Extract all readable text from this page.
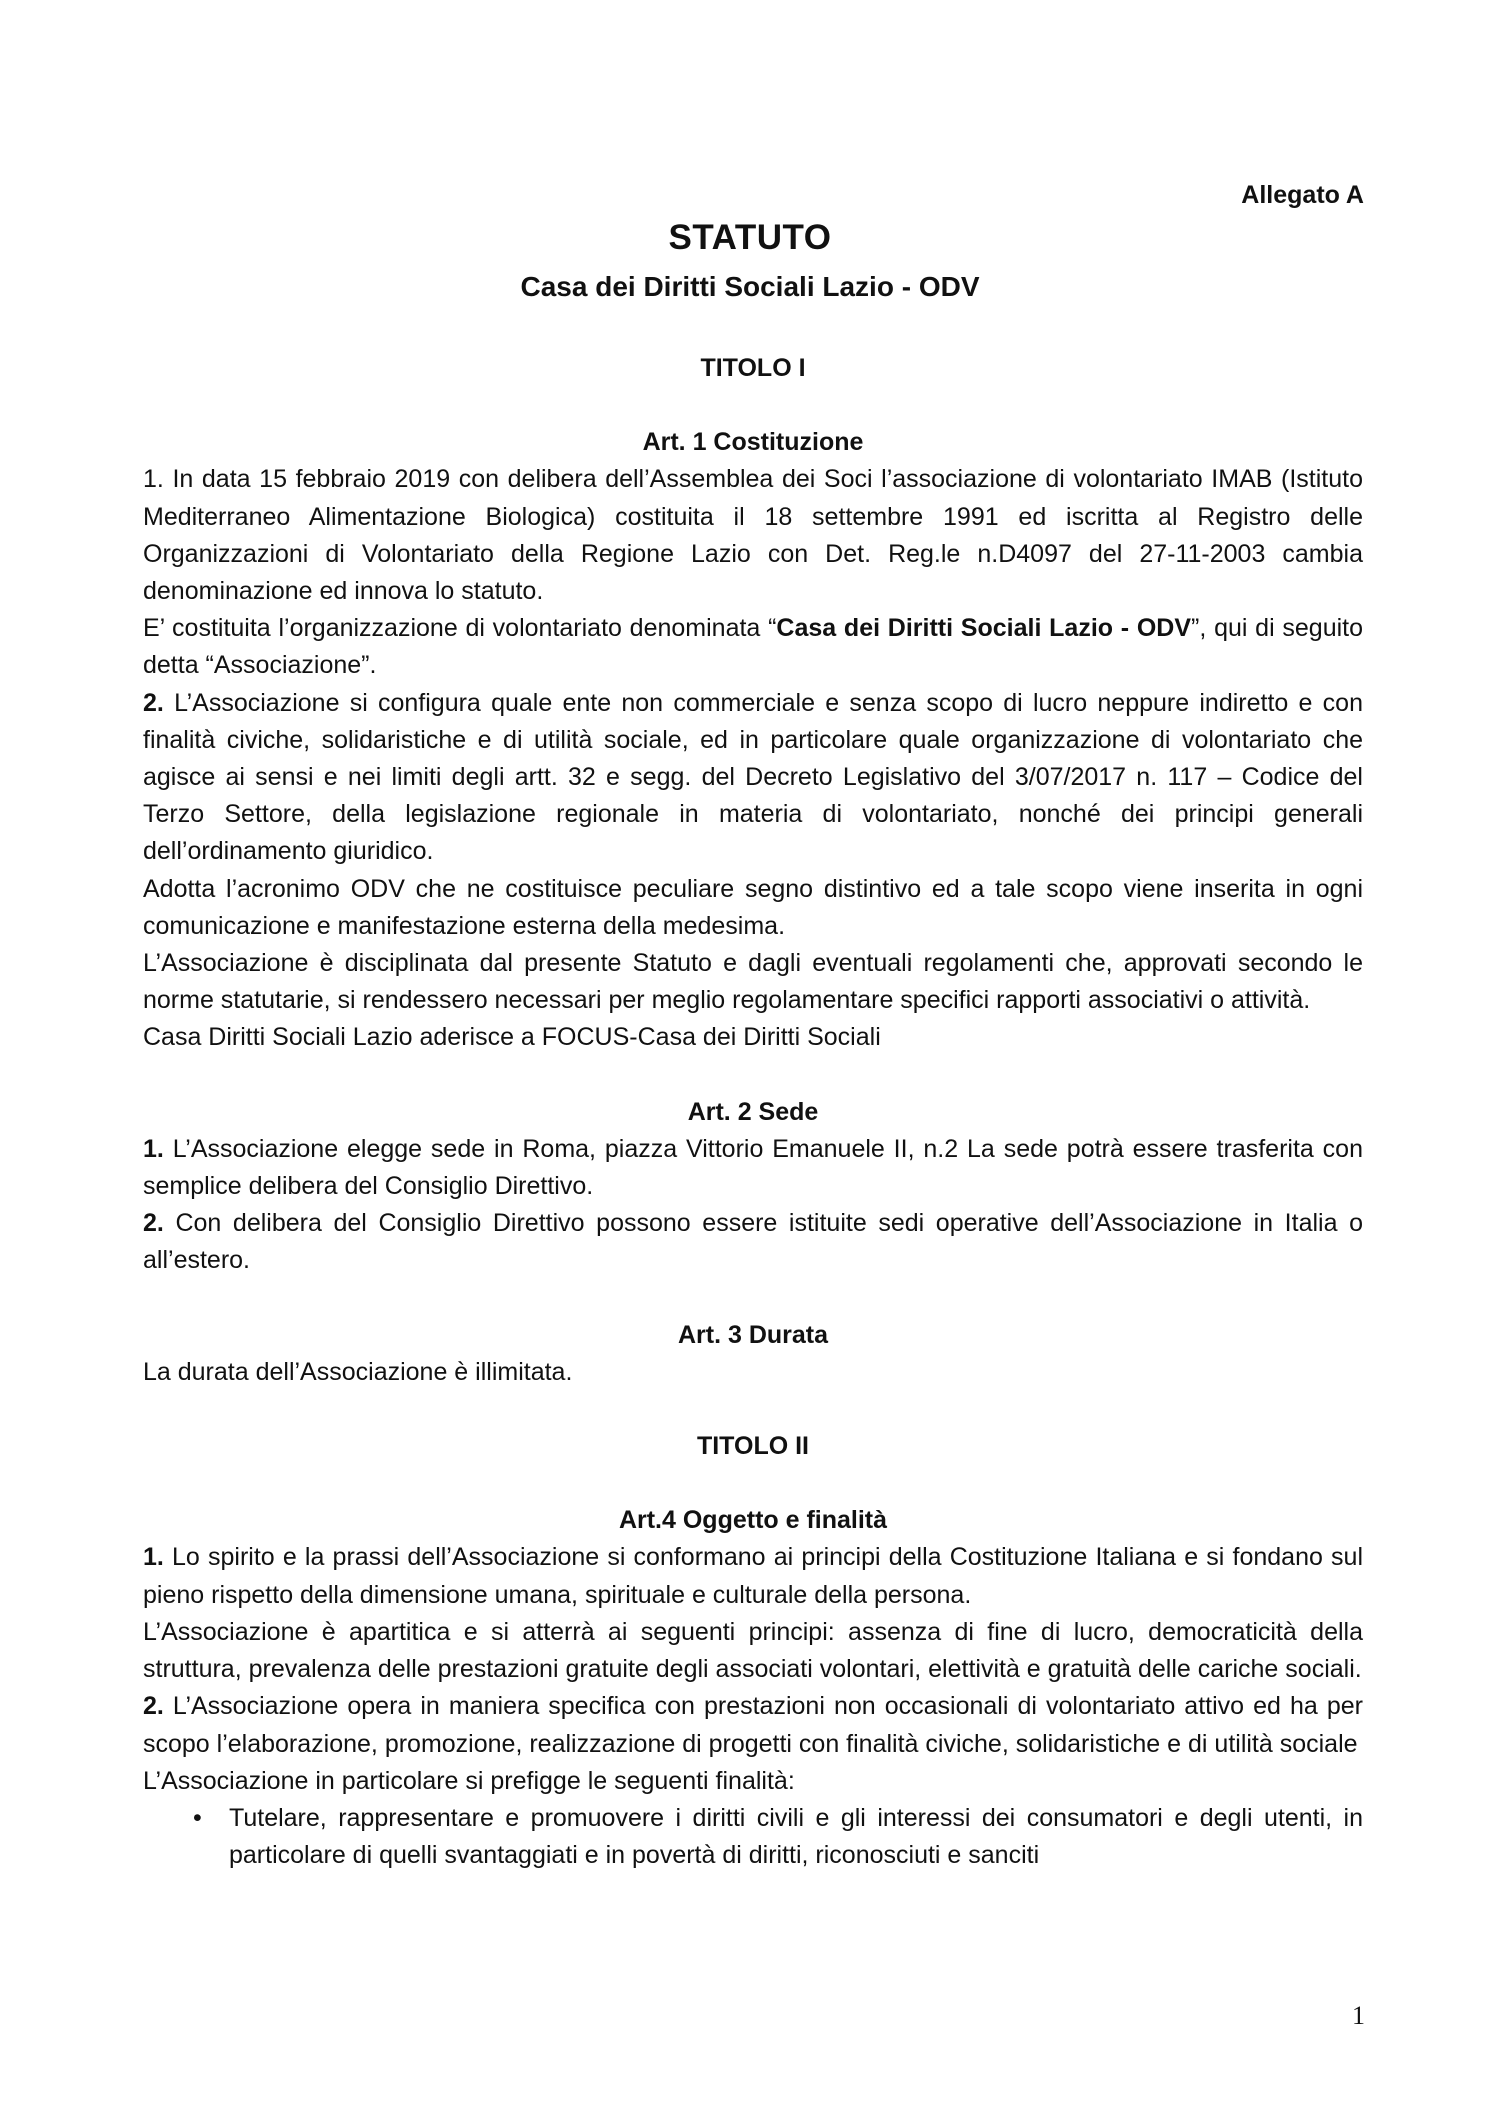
Allegato A
STATUTO
Casa dei Diritti Sociali Lazio - ODV
TITOLO I
Art. 1 Costituzione

1. In data 15 febbraio 2019 con delibera dell’Assemblea dei Soci l’associazione di volontariato IMAB (Istituto Mediterraneo Alimentazione Biologica) costituita il 18 settembre 1991 ed iscritta al Registro delle Organizzazioni di Volontariato della Regione Lazio con Det. Reg.le n.D4097 del 27-11-2003 cambia denominazione ed innova lo statuto.

E’ costituita l’organizzazione di volontariato denominata “Casa dei Diritti Sociali Lazio - ODV”, qui di seguito detta “Associazione”.

2. L’Associazione si configura quale ente non commerciale e senza scopo di lucro neppure indiretto e con finalità civiche, solidaristiche e di utilità sociale, ed in particolare quale organizzazione di volontariato che agisce ai sensi e nei limiti degli artt. 32 e segg. del Decreto Legislativo del 3/07/2017 n. 117 – Codice del Terzo Settore, della legislazione regionale in materia di volontariato, nonché dei principi generali dell’ordinamento giuridico.

Adotta l’acronimo ODV che ne costituisce peculiare segno distintivo ed a tale scopo viene inserita in ogni comunicazione e manifestazione esterna della medesima.

L’Associazione è disciplinata dal presente Statuto e dagli eventuali regolamenti che, approvati secondo le norme statutarie, si rendessero necessari per meglio regolamentare specifici rapporti associativi o attività.

Casa Diritti Sociali Lazio aderisce a FOCUS-Casa dei Diritti Sociali

Art. 2 Sede

1. L’Associazione elegge sede in Roma, piazza Vittorio Emanuele II, n.2 La sede potrà essere trasferita con semplice delibera del Consiglio Direttivo.

2. Con delibera del Consiglio Direttivo possono essere istituite sedi operative dell’Associazione in Italia o all’estero.

Art. 3 Durata

La durata dell’Associazione è illimitata.

TITOLO II
Art.4 Oggetto e finalità

1. Lo spirito e la prassi dell’Associazione si conformano ai principi della Costituzione Italiana e si fondano sul pieno rispetto della dimensione umana, spirituale e culturale della persona.

L’Associazione è apartitica e si atterrà ai seguenti principi: assenza di fine di lucro, democraticità della struttura, prevalenza delle prestazioni gratuite degli associati volontari, elettività e gratuità delle cariche sociali.

2. L’Associazione opera in maniera specifica con prestazioni non occasionali di volontariato attivo ed ha per scopo l’elaborazione, promozione, realizzazione di progetti con finalità civiche, solidaristiche e di utilità sociale

L’Associazione in particolare si prefigge le seguenti finalità:

• Tutelare, rappresentare e promuovere i diritti civili e gli interessi dei consumatori e degli utenti, in particolare di quelli svantaggiati e in povertà di diritti, riconosciuti e sanciti
1
